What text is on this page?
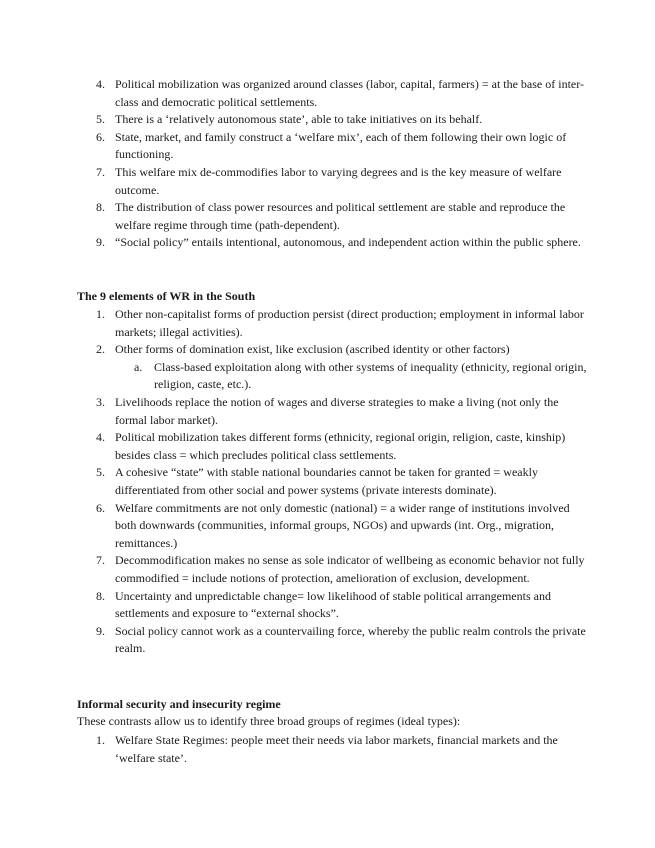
4. Political mobilization was organized around classes (labor, capital, farmers) = at the base of inter-class and democratic political settlements.
5. There is a ‘relatively autonomous state’, able to take initiatives on its behalf.
6. State, market, and family construct a ‘welfare mix’, each of them following their own logic of functioning.
7. This welfare mix de-commodifies labor to varying degrees and is the key measure of welfare outcome.
8. The distribution of class power resources and political settlement are stable and reproduce the welfare regime through time (path-dependent).
9. “Social policy” entails intentional, autonomous, and independent action within the public sphere.
The 9 elements of WR in the South
1. Other non-capitalist forms of production persist (direct production; employment in informal labor markets; illegal activities).
2. Other forms of domination exist, like exclusion (ascribed identity or other factors)
a. Class-based exploitation along with other systems of inequality (ethnicity, regional origin, religion, caste, etc.).
3. Livelihoods replace the notion of wages and diverse strategies to make a living (not only the formal labor market).
4. Political mobilization takes different forms (ethnicity, regional origin, religion, caste, kinship) besides class = which precludes political class settlements.
5. A cohesive “state” with stable national boundaries cannot be taken for granted = weakly differentiated from other social and power systems (private interests dominate).
6. Welfare commitments are not only domestic (national) = a wider range of institutions involved both downwards (communities, informal groups, NGOs) and upwards (int. Org., migration, remittances.)
7. Decommodification makes no sense as sole indicator of wellbeing as economic behavior not fully commodified = include notions of protection, amelioration of exclusion, development.
8. Uncertainty and unpredictable change= low likelihood of stable political arrangements and settlements and exposure to “external shocks”.
9. Social policy cannot work as a countervailing force, whereby the public realm controls the private realm.
Informal security and insecurity regime
These contrasts allow us to identify three broad groups of regimes (ideal types):
1. Welfare State Regimes: people meet their needs via labor markets, financial markets and the ‘welfare state’.
